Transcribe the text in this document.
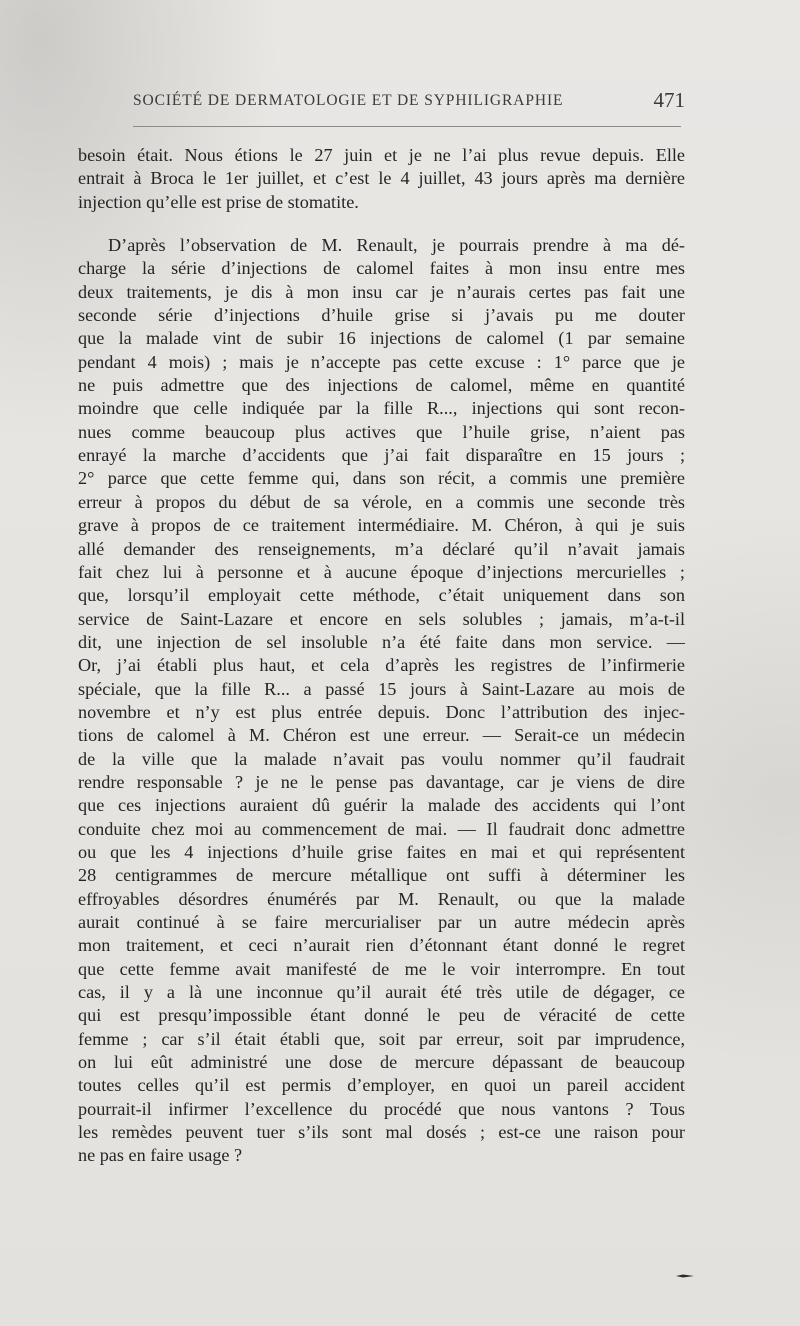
SOCIÉTÉ DE DERMATOLOGIE ET DE SYPHILIGRAPHIE	471

besoin était. Nous étions le 27 juin et je ne l’ai plus revue depuis. Elle
entrait à Broca le 1er juillet, et c’est le 4 juillet, 43 jours après ma dernière
injection qu’elle est prise de stomatite.

D’après l’observation de M. Renault, je pourrais prendre à ma dé-
charge la série d’injections de calomel faites à mon insu entre mes
deux traitements, je dis à mon insu car je n’aurais certes pas fait une
seconde série d’injections d’huile grise si j’avais pu me douter
que la malade vint de subir 16 injections de calomel (1 par semaine
pendant 4 mois) ; mais je n’accepte pas cette excuse : 1° parce que je
ne puis admettre que des injections de calomel, même en quantité
moindre que celle indiquée par la fille R..., injections qui sont recon-
nues comme beaucoup plus actives que l’huile grise, n’aient pas
enrayé la marche d’accidents que j’ai fait disparaître en 15 jours ;
2° parce que cette femme qui, dans son récit, a commis une première
erreur à propos du début de sa vérole, en a commis une seconde très
grave à propos de ce traitement intermédiaire. M. Chéron, à qui je suis
allé demander des renseignements, m’a déclaré qu’il n’avait jamais
fait chez lui à personne et à aucune époque d’injections mercurielles ;
que, lorsqu’il employait cette méthode, c’était uniquement dans son
service de Saint-Lazare et encore en sels solubles ; jamais, m’a-t-il
dit, une injection de sel insoluble n’a été faite dans mon service. —
Or, j’ai établi plus haut, et cela d’après les registres de l’infirmerie
spéciale, que la fille R... a passé 15 jours à Saint-Lazare au mois de
novembre et n’y est plus entrée depuis. Donc l’attribution des injec-
tions de calomel à M. Chéron est une erreur. — Serait-ce un médecin
de la ville que la malade n’avait pas voulu nommer qu’il faudrait
rendre responsable ? je ne le pense pas davantage, car je viens de dire
que ces injections auraient dû guérir la malade des accidents qui l’ont
conduite chez moi au commencement de mai. — Il faudrait donc admettre
ou que les 4 injections d’huile grise faites en mai et qui représentent
28 centigrammes de mercure métallique ont suffi à déterminer les
effroyables désordres énumérés par M. Renault, ou que la malade
aurait continué à se faire mercurialiser par un autre médecin après
mon traitement, et ceci n’aurait rien d’étonnant étant donné le regret
que cette femme avait manifesté de me le voir interrompre. En tout
cas, il y a là une inconnue qu’il aurait été très utile de dégager, ce
qui est presqu’impossible étant donné le peu de véracité de cette
femme ; car s’il était établi que, soit par erreur, soit par imprudence,
on lui eût administré une dose de mercure dépassant de beaucoup
toutes celles qu’il est permis d’employer, en quoi un pareil accident
pourrait-il infirmer l’excellence du procédé que nous vantons ? Tous
les remèdes peuvent tuer s’ils sont mal dosés ; est-ce une raison pour
ne pas en faire usage ?
